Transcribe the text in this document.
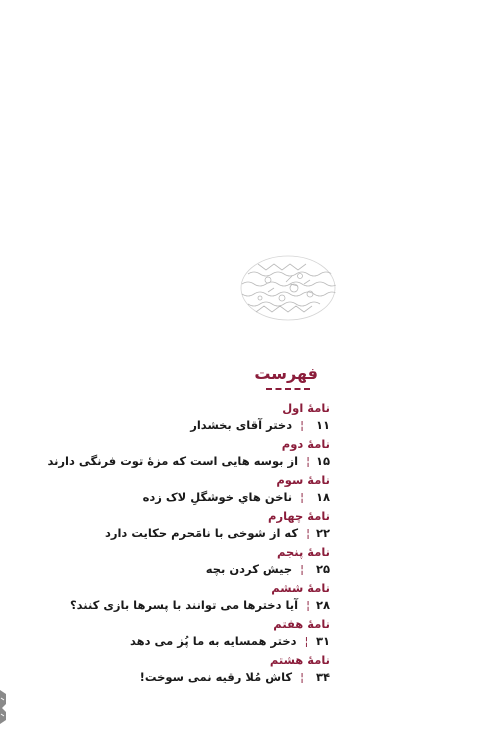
فهرست
نامۀ اول
۱۱
¦
دختر آقای بخشدار
نامۀ دوم
۱۵
¦
از بوسه هایی است که مزۀ توت فرنگی دارند
نامۀ سوم
۱۸
¦
ناخن هاي خوشگلِ لاک زده
نامۀ چهارم
۲۲
¦
که از شوخی با نامَحرم حکایت دارد
نامۀ پنجم
۲۵
¦
جیش کردن بچه
نامۀ ششم
۲۸
¦
آیا دخترها می توانند با پسرها بازی کنند؟
نامۀ هفتم
۳۱
¦
دختر همسایه به ما پُز می دهد
نامۀ هشتم
۳۴
¦
کاش مُلا رقیه نمی سوخت!
